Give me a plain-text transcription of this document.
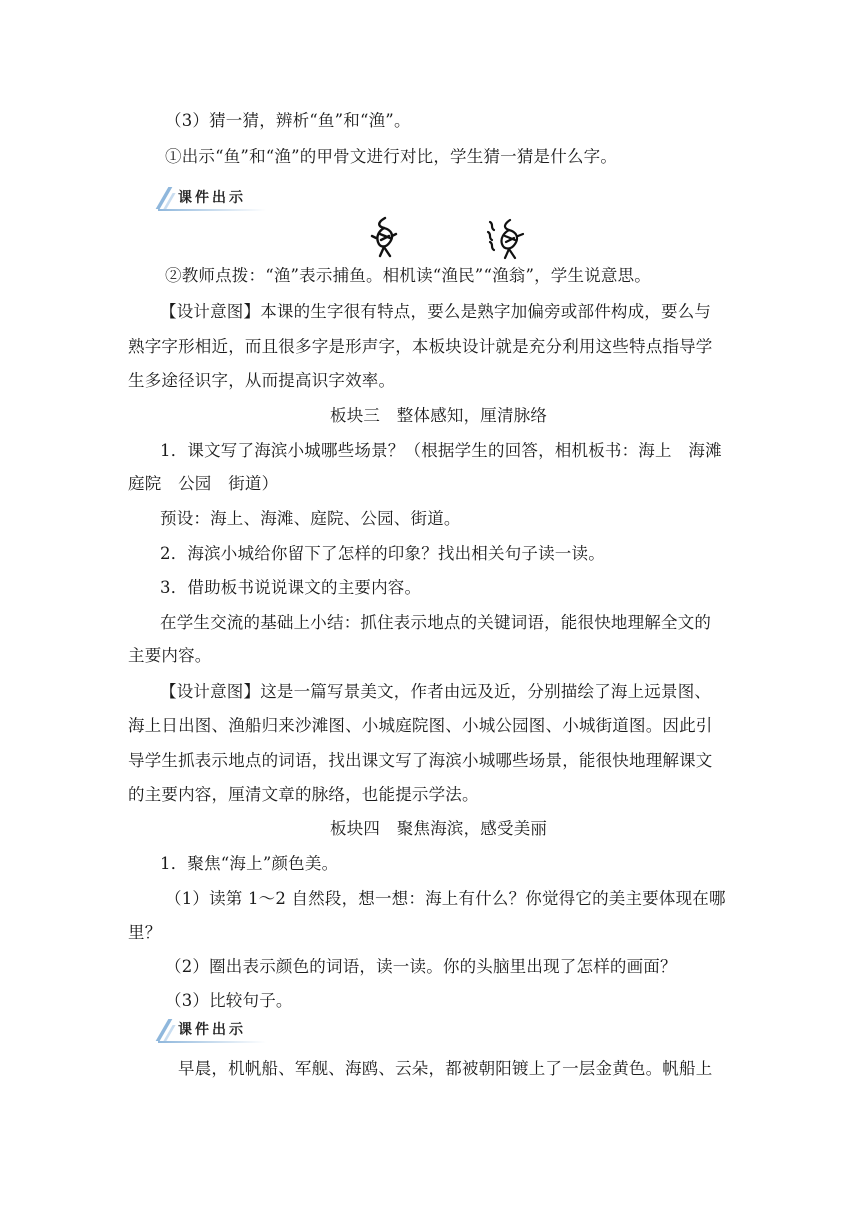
（3）猜一猜，辨析“鱼”和“渔”。
①出示“鱼”和“渔”的甲骨文进行对比，学生猜一猜是什么字。
课件出示
②教师点拨：“渔”表示捕鱼。相机读“渔民”“渔翁”，学生说意思。
【设计意图】本课的生字很有特点，要么是熟字加偏旁或部件构成，要么与
熟字字形相近，而且很多字是形声字，本板块设计就是充分利用这些特点指导学
生多途径识字，从而提高识字效率。
板块三　整体感知，厘清脉络
1．课文写了海滨小城哪些场景？（根据学生的回答，相机板书：海上　海滩
庭院　公园　街道）
预设：海上、海滩、庭院、公园、街道。
2．海滨小城给你留下了怎样的印象？找出相关句子读一读。
3．借助板书说说课文的主要内容。
在学生交流的基础上小结：抓住表示地点的关键词语，能很快地理解全文的
主要内容。
【设计意图】这是一篇写景美文，作者由远及近，分别描绘了海上远景图、
海上日出图、渔船归来沙滩图、小城庭院图、小城公园图、小城街道图。因此引
导学生抓表示地点的词语，找出课文写了海滨小城哪些场景，能很快地理解课文
的主要内容，厘清文章的脉络，也能提示学法。
板块四　聚焦海滨，感受美丽
1．聚焦“海上”颜色美。
（1）读第 1～2 自然段，想一想：海上有什么？你觉得它的美主要体现在哪
里？
（2）圈出表示颜色的词语，读一读。你的头脑里出现了怎样的画面？
（3）比较句子。
课件出示
早晨，机帆船、军舰、海鸥、云朵，都被朝阳镀上了一层金黄色。帆船上
